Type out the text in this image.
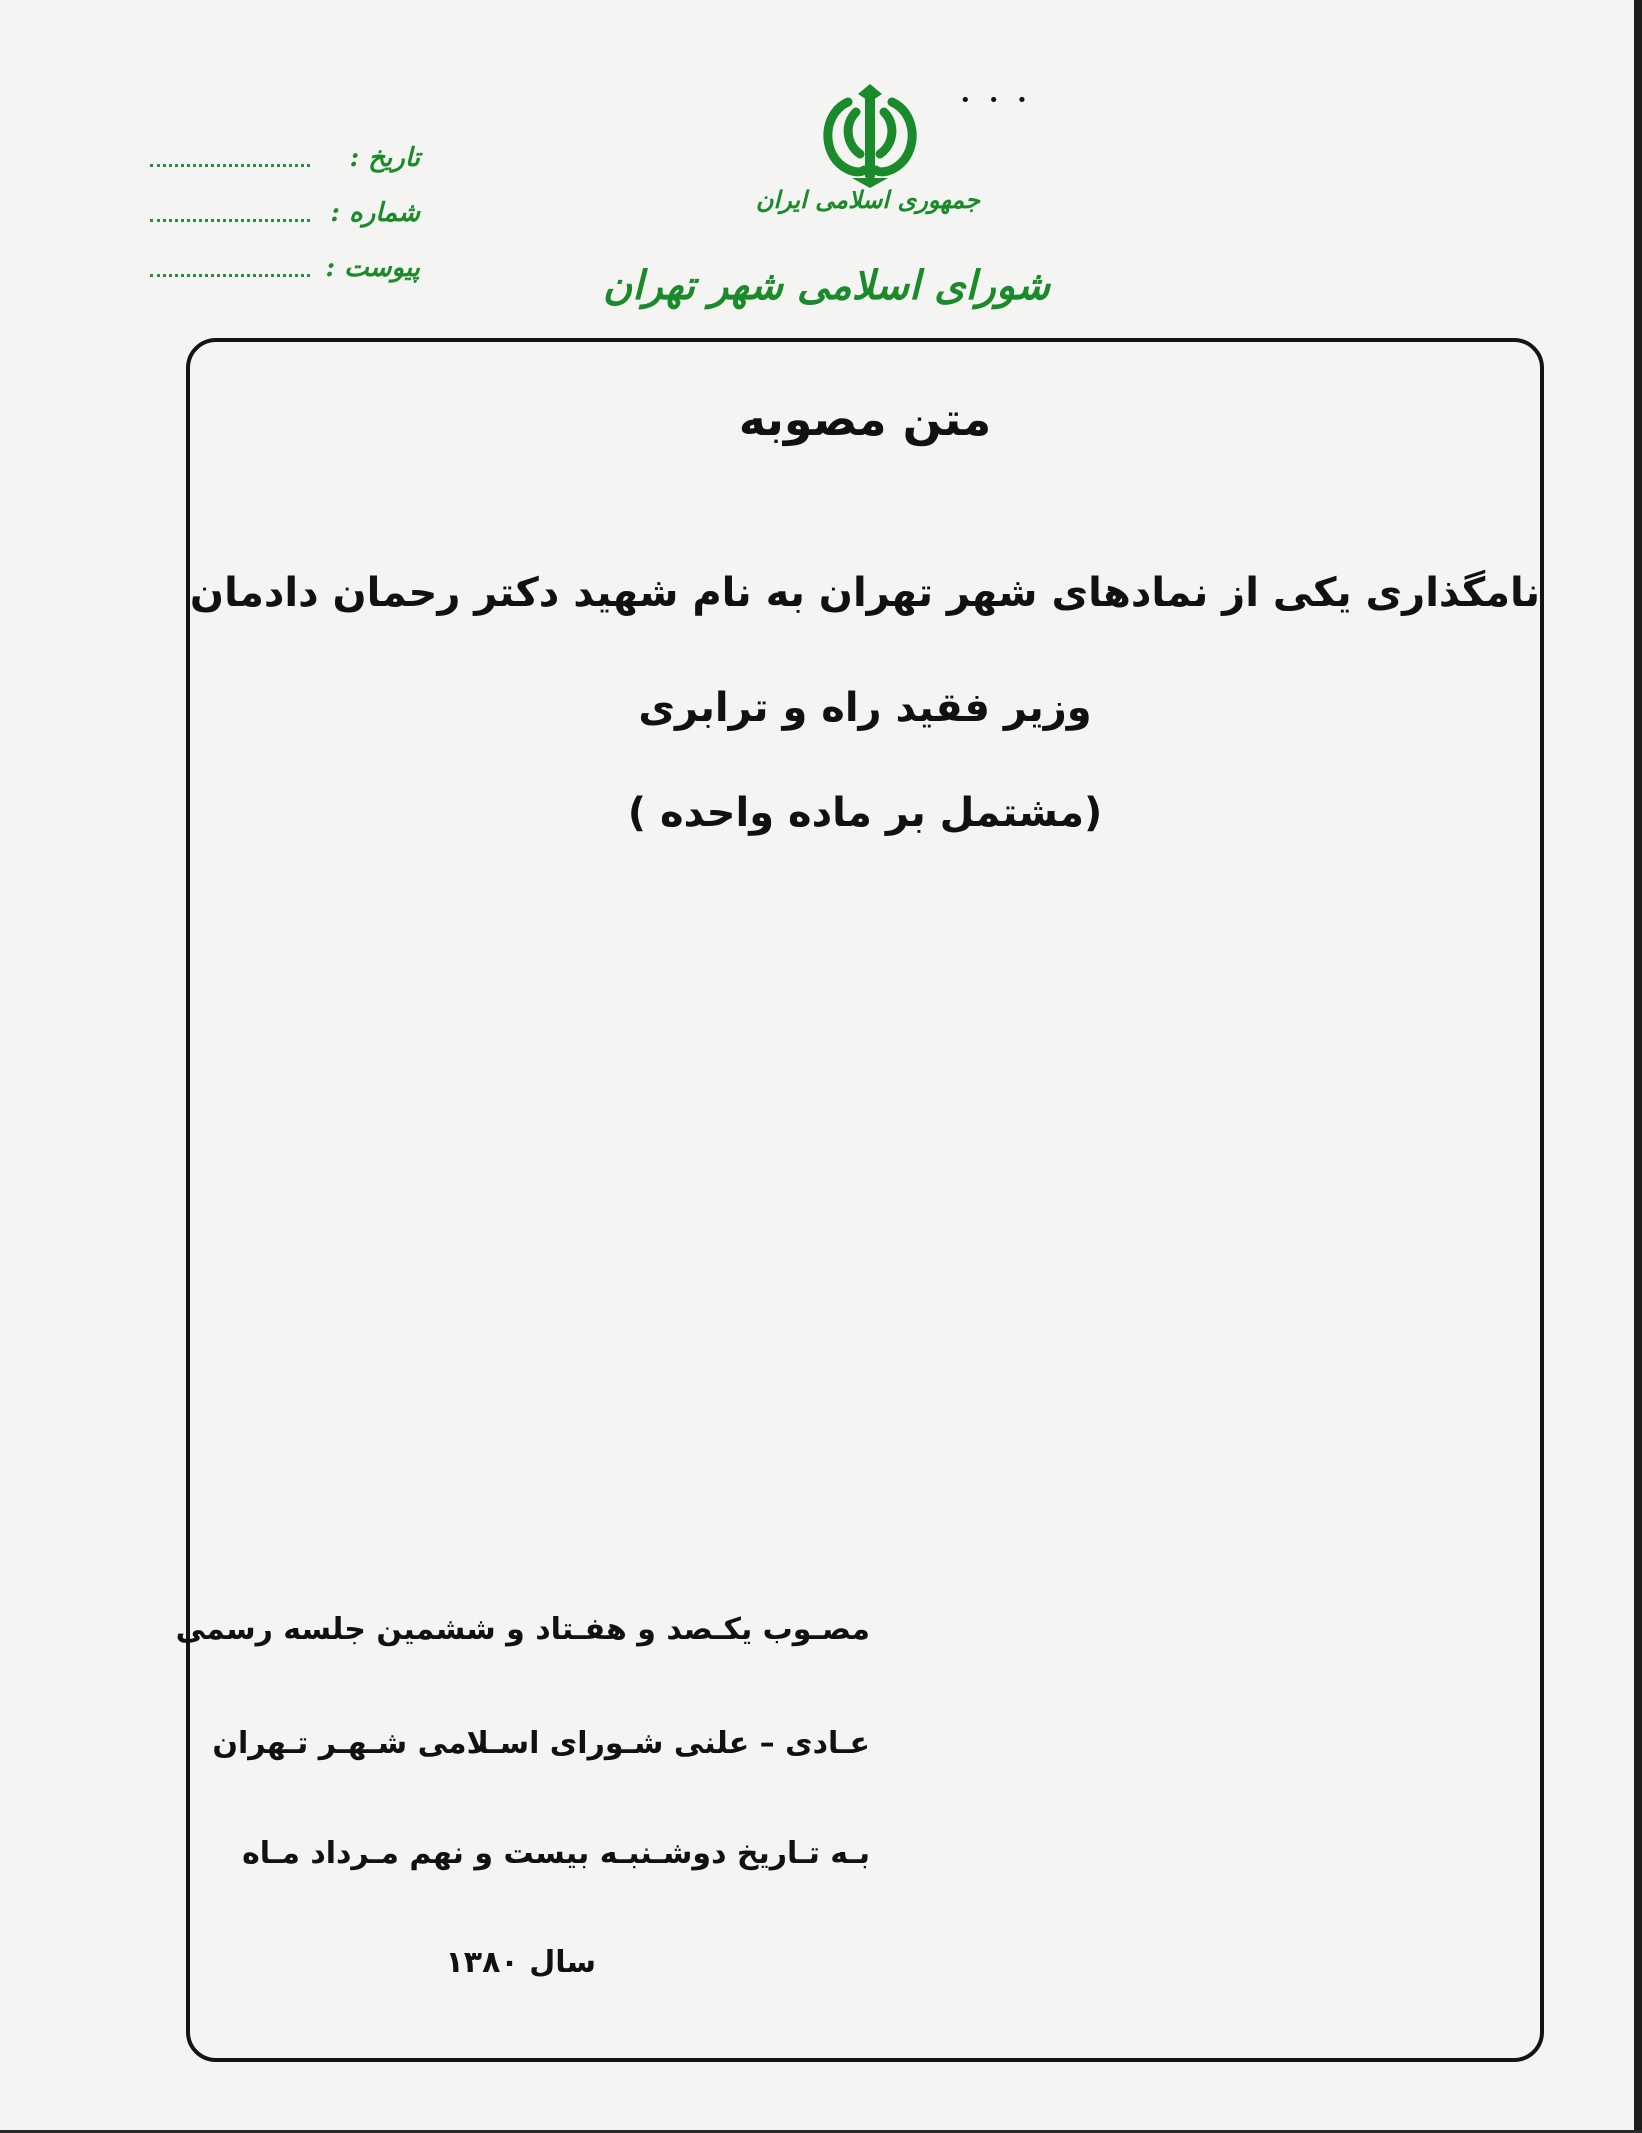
• • •
تاریخ :
شماره :
پیوست :
جمهوری اسلامی ایران
شورای اسلامی شهر تهران
متن مصوبه
نامگذاری یکی از نمادهای شهر تهران به نام شهید دکتر رحمان دادمان
وزیر فقید راه و ترابری
(مشتمل بر ماده واحده )
مصـوب یکـصد و هفـتاد و ششمین جلسه رسمی
عـادی – علنی شـورای اسـلامی شـهـر تـهران
بـه تـاریخ دوشـنبـه بیست و نهم مـرداد مـاه
سال ۱۳۸۰
